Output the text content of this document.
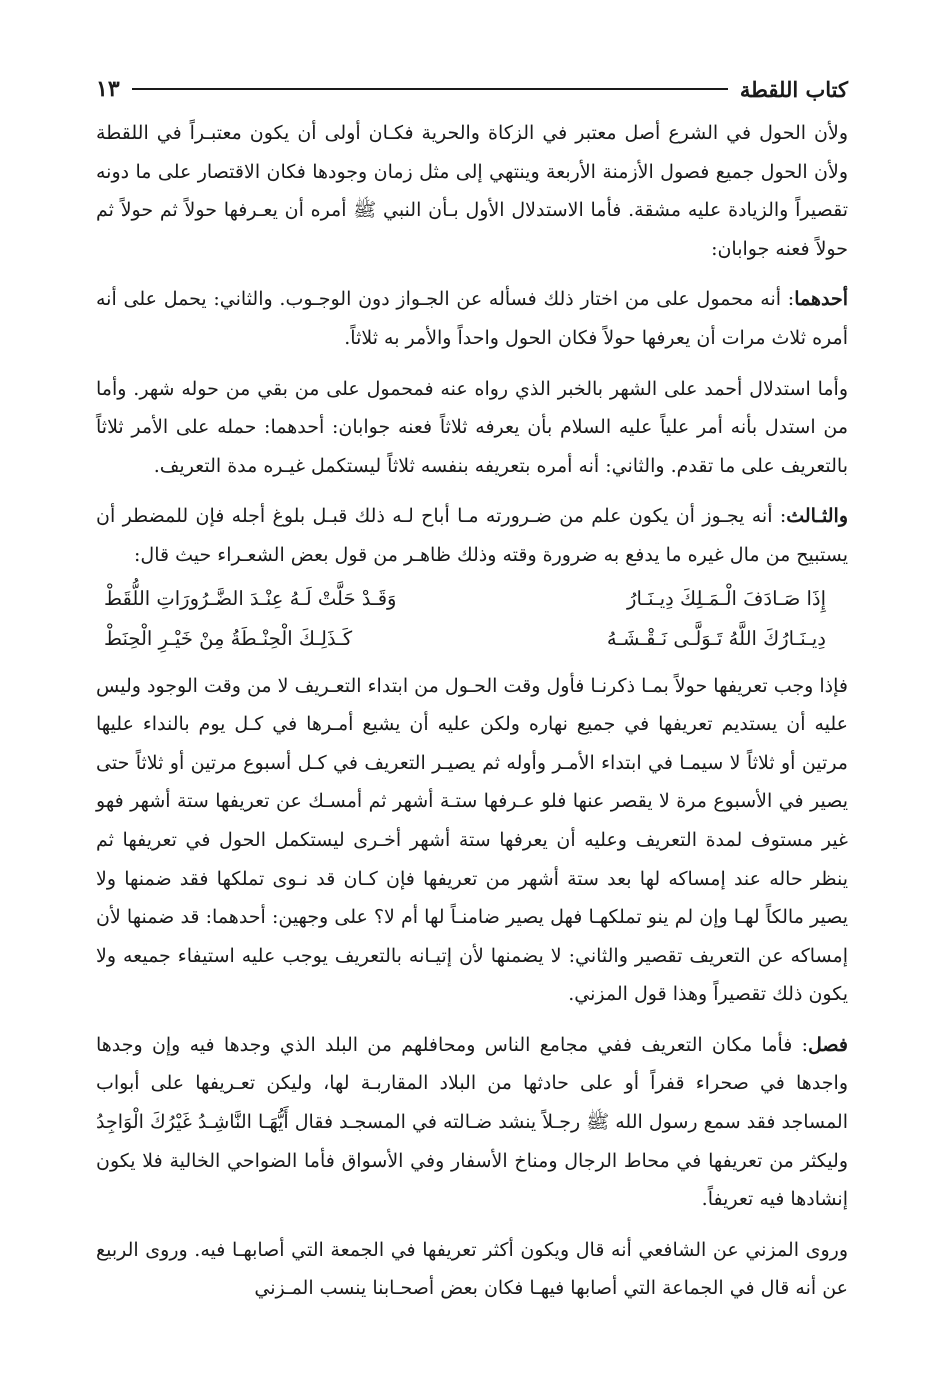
كتاب اللقطة
١٣

ولأن الحول في الشرع أصل معتبر في الزكاة والحرية فكـان أولى أن يكون معتبـراً في اللقطة ولأن الحول جميع فصول الأزمنة الأربعة وينتهي إلى مثل زمان وجودها فكان الاقتصار على ما دونه تقصيراً والزيادة عليه مشقة. فأما الاستدلال الأول بـأن النبي ﷺ أمره أن يعـرفها حولاً ثم حولاً ثم حولاً فعنه جوابان:

أحدهما: أنه محمول على من اختار ذلك فسأله عن الجـواز دون الوجـوب. والثاني: يحمل على أنه أمره ثلاث مرات أن يعرفها حولاً فكان الحول واحداً والأمر به ثلاثاً.

وأما استدلال أحمد على الشهر بالخبر الذي رواه عنه فمحمول على من بقي من حوله شهر. وأما من استدل بأنه أمر علياً عليه السلام بأن يعرفه ثلاثاً فعنه جوابان: أحدهما: حمله على الأمر ثلاثاً بالتعريف على ما تقدم. والثاني: أنه أمره بتعريفه بنفسه ثلاثاً ليستكمل غيـره مدة التعريف.

والثـالث: أنه يجـوز أن يكون علم من ضـرورته مـا أباح لـه ذلك قبـل بلوغ أجله فإن للمضطر أن يستبيح من مال غيره ما يدفع به ضرورة وقته وذلك ظاهـر من قول بعض الشعـراء حيث قال:

إِذَا صَـادَفَ الْـمَـلِكَ دِيـنَـارُ
وَقَـدْ حَلَّتْ لَـهُ عِنْـدَ الضَّـرُورَاتِ اللُّقَطْ
دِيـنَـارُكَ اللَّهُ تَـوَلَّـى نَـقْـشَـهُ
كَـذَلِـكَ الْحِنْـطَةُ مِنْ خَيْـرِ الْحِنَطْ

فإذا وجب تعريفها حولاً بمـا ذكرنـا فأول وقت الحـول من ابتداء التعـريف لا من وقت الوجود وليس عليه أن يستديم تعريفها في جميع نهاره ولكن عليه أن يشيع أمـرها في كـل يوم بالنداء عليها مرتين أو ثلاثاً لا سيمـا في ابتداء الأمـر وأوله ثم يصيـر التعريف في كـل أسبوع مرتين أو ثلاثاً حتى يصير في الأسبوع مرة لا يقصر عنها فلو عـرفها ستـة أشهر ثم أمسـك عن تعريفها ستة أشهر فهو غير مستوف لمدة التعريف وعليه أن يعرفها ستة أشهر أخـرى ليستكمل الحول في تعريفها ثم ينظر حاله عند إمساكه لها بعد ستة أشهر من تعريفها فإن كـان قد نـوى تملكها فقد ضمنها ولا يصير مالكاً لهـا وإن لم ينو تملكهـا فهل يصير ضامنـاً لها أم لا؟ على وجهين: أحدهما: قد ضمنها لأن إمساكه عن التعريف تقصير والثاني: لا يضمنها لأن إتيـانه بالتعريف يوجب عليه استيفاء جميعه ولا يكون ذلك تقصيراً وهذا قول المزني.

فصل: فأما مكان التعريف ففي مجامع الناس ومحافلهم من البلد الذي وجدها فيه وإن وجدها واجدها في صحراء قفراً أو على حادثها من البلاد المقاربـة لها، وليكن تعـريفها على أبواب المساجد فقد سمع رسول الله ﷺ رجـلاً ينشد ضـالته في المسجـد فقال أَيُّهَـا النَّاشِـدُ غَيْرُكَ الْوَاجِدُ وليكثر من تعريفها في محاط الرجال ومناخ الأسفار وفي الأسواق فأما الضواحي الخالية فلا يكون إنشادها فيه تعريفاً.

وروى المزني عن الشافعي أنه قال ويكون أكثر تعريفها في الجمعة التي أصابهـا فيه. وروى الربيع عن أنه قال في الجماعة التي أصابها فيهـا فكان بعض أصحـابنا ينسب المـزني
